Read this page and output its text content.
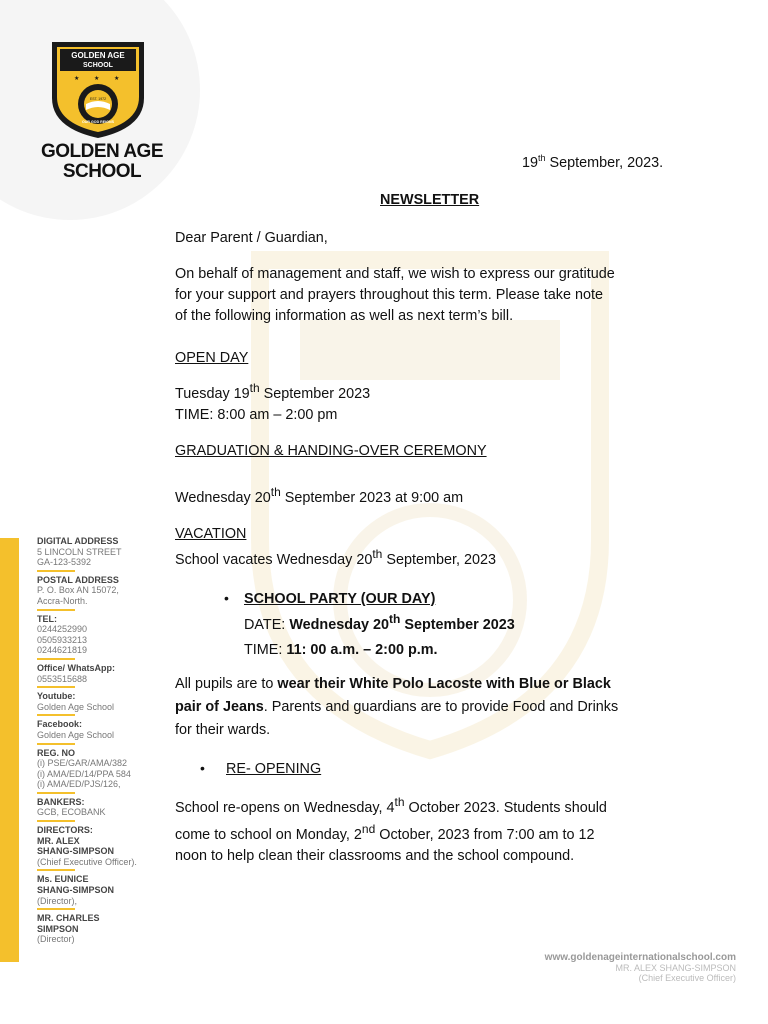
GOLDEN AGE
SCHOOL
★ ★ ★
EST. 1972
OUR GOD REIGNS
GOLDEN AGE
SCHOOL
DIGITAL ADDRESS
5 LINCOLN STREET
GA-123-5392
POSTAL ADDRESS
P. O. Box AN 15072,
Accra-North.
TEL:
0244252990
0505933213
0244621819
Office/ WhatsApp:
0553515688
Youtube:
Golden Age School
Facebook:
Golden Age School
REG. NO
(i) PSE/GAR/AMA/382
(i) AMA/ED/14/PPA 584
(i) AMA/ED/PJS/126,
BANKERS:
GCB, ECOBANK
DIRECTORS:
MR. ALEX
SHANG-SIMPSON
(Chief Executive Officer).
Ms. EUNICE
SHANG-SIMPSON
(Director),
MR. CHARLES
SIMPSON
(Director)
19th September, 2023.
NEWSLETTER
Dear Parent / Guardian,
On behalf of management and staff, we wish to express our gratitude
for your support and prayers throughout this term. Please take note
of the following information as well as next term’s bill.
OPEN DAY
Tuesday 19th September 2023
TIME: 8:00 am – 2:00 pm
GRADUATION & HANDING-OVER CEREMONY
Wednesday 20th September 2023 at 9:00 am
VACATION
School vacates Wednesday 20th September, 2023
•	SCHOOL PARTY (OUR DAY)
DATE: Wednesday 20th September 2023
TIME: 11: 00 a.m. – 2:00 p.m.
All pupils are to wear their White Polo Lacoste with Blue or Black
pair of Jeans. Parents and guardians are to provide Food and Drinks
for their wards.
•	RE- OPENING
School re-opens on Wednesday, 4th October 2023. Students should
come to school on Monday, 2nd October, 2023 from 7:00 am to 12
noon to help clean their classrooms and the school compound.
www.goldenageinternationalschool.com
MR. ALEX SHANG-SIMPSON
(Chief Executive Officer)
